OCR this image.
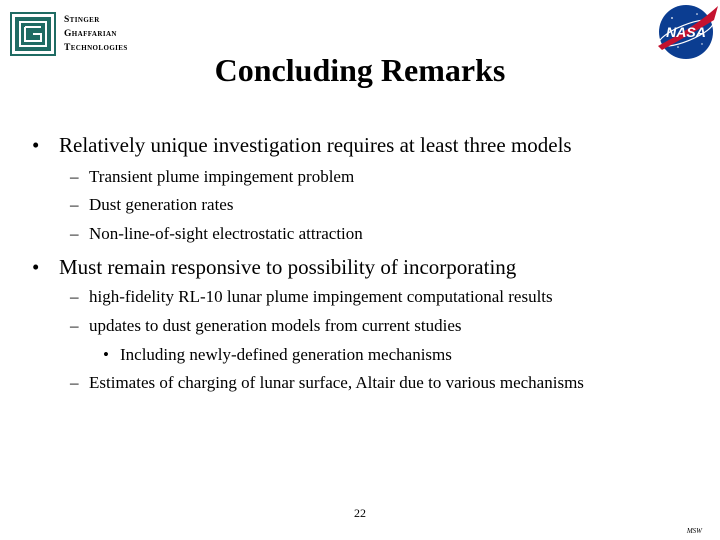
Stinger
Ghaffarian
Technologies
NASA
Concluding Remarks
• Relatively unique investigation requires at least three models
– Transient plume impingement problem
– Dust generation rates
– Non-line-of-sight electrostatic attraction
• Must remain responsive to possibility of incorporating
– high-fidelity RL-10 lunar plume impingement computational results
– updates to dust generation models from current studies
• Including newly-defined generation mechanisms
– Estimates of charging of lunar surface, Altair due to various mechanisms
22
MSW
